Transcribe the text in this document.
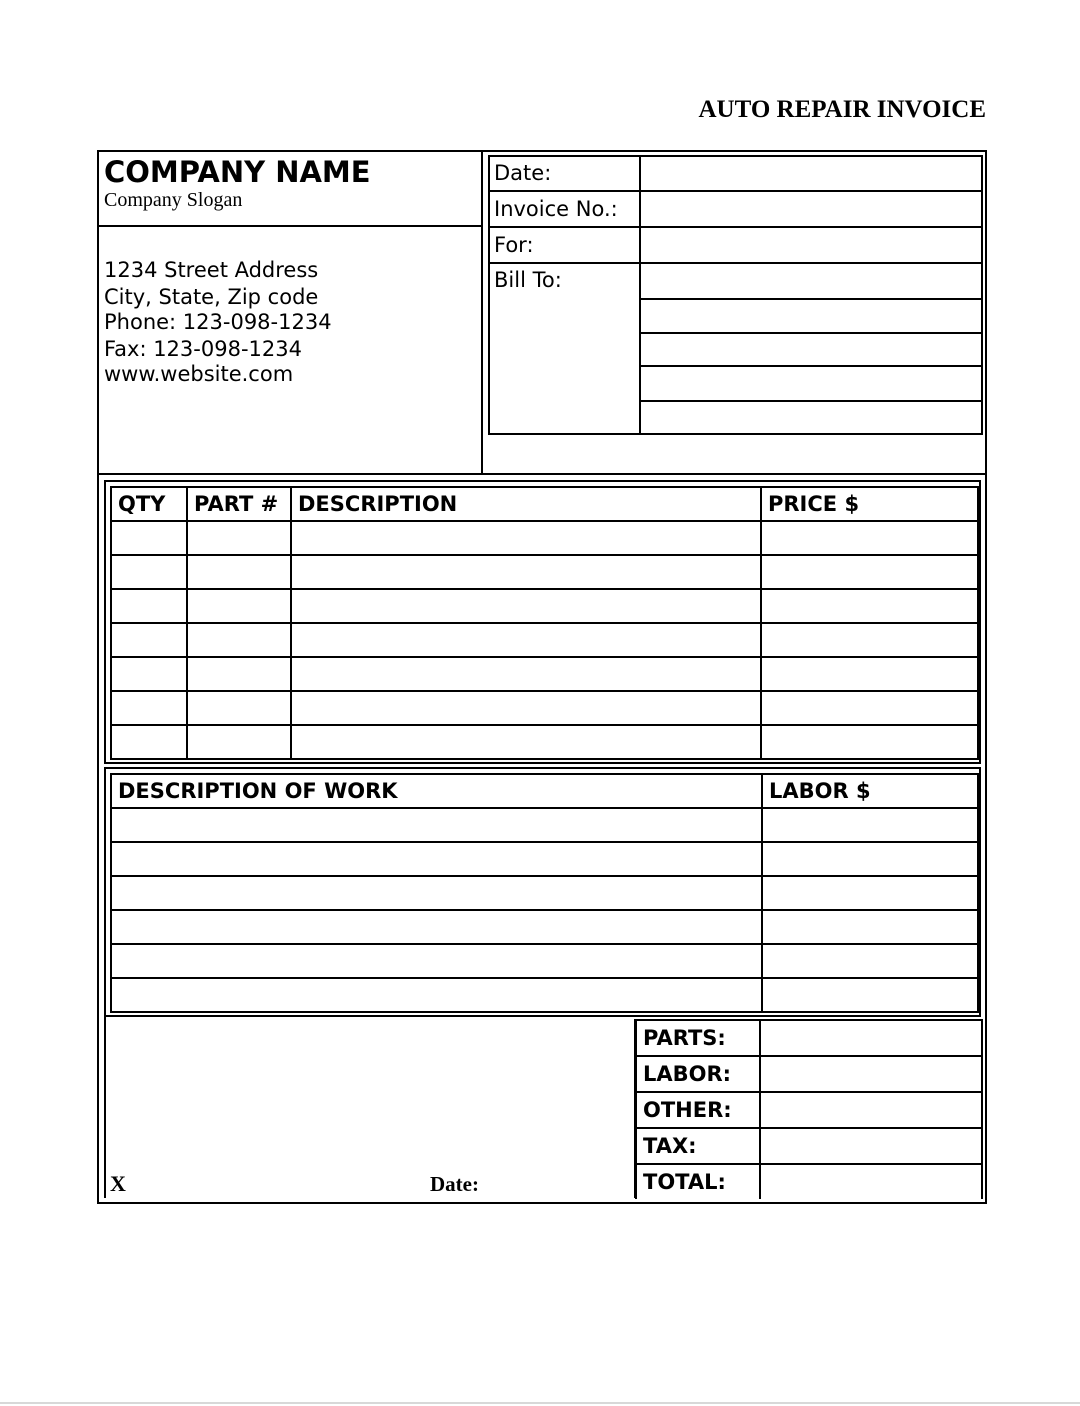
AUTO REPAIR INVOICE
COMPANY NAME
Company Slogan
1234 Street Address
City, State, Zip code
Phone: 123-098-1234
Fax: 123-098-1234
www.website.com
Date:
Invoice No.:
For:
Bill To:
QTY	PART #	DESCRIPTION	PRICE $

DESCRIPTION OF WORK	LABOR $

PARTS:	
LABOR:	
OTHER:	
TAX:	
TOTAL:	
X	Date:
